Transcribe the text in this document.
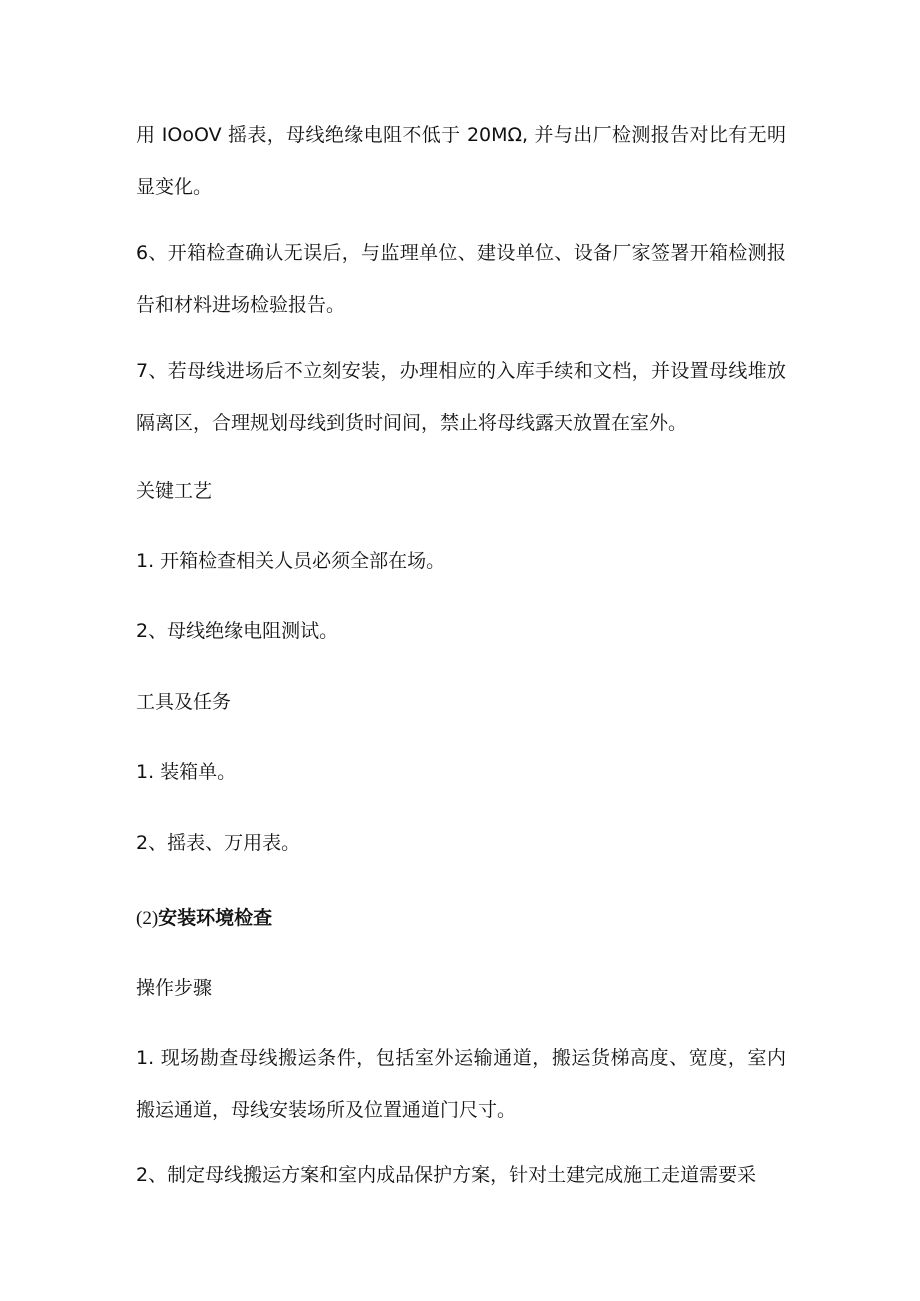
用 IOoOV 摇表，母线绝缘电阻不低于 20MΩ, 并与出厂检测报告对比有无明显变化。

6、开箱检查确认无误后，与监理单位、建设单位、设备厂家签署开箱检测报告和材料进场检验报告。

7、若母线进场后不立刻安装，办理相应的入库手续和文档，并设置母线堆放隔离区，合理规划母线到货时间间，禁止将母线露天放置在室外。

关键工艺

1. 开箱检查相关人员必须全部在场。

2、母线绝缘电阻测试。

工具及任务

1. 装箱单。

2、摇表、万用表。

(2)安装环境检查

操作步骤

1. 现场勘查母线搬运条件，包括室外运输通道，搬运货梯高度、宽度，室内搬运通道，母线安装场所及位置通道门尺寸。

2、制定母线搬运方案和室内成品保护方案，针对土建完成施工走道需要采
